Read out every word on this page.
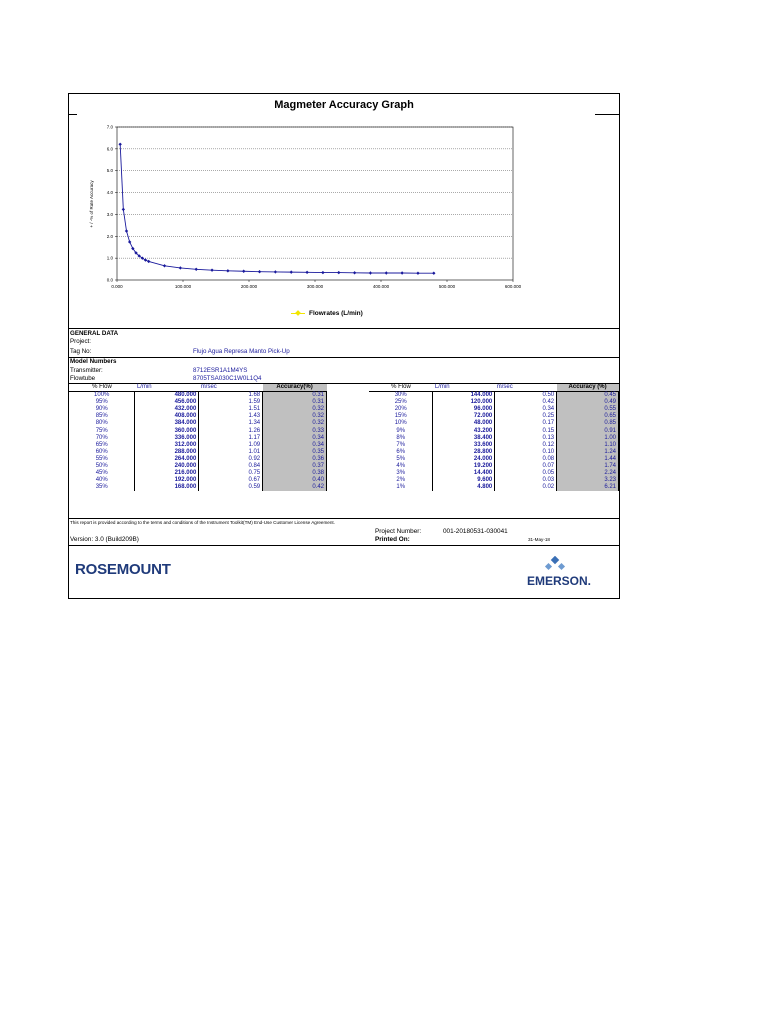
Magmeter Accuracy Graph
0.0
1.0
2.0
3.0
4.0
5.0
6.0
7.0
0.000	100.000	200.000	300.000	400.000	500.000	600.000
+ / -% of Rate Accuracy
Flowrates (L/min)
GENERAL DATA
Project:
Tag No:	Flujo Agua Represa Manto Pick-Up
Model Numbers
Transmitter:	8712ESR1A1M4YS
Flowtube	8705TSA030C1W0L1Q4
% Flow	L/min	m/sec	Accuracy(%)
100%	480.000	1.68	0.31
95%	456.000	1.59	0.31
90%	432.000	1.51	0.32
85%	408.000	1.43	0.32
80%	384.000	1.34	0.32
75%	360.000	1.26	0.33
70%	336.000	1.17	0.34
65%	312.000	1.09	0.34
60%	288.000	1.01	0.35
55%	264.000	0.92	0.36
50%	240.000	0.84	0.37
45%	216.000	0.75	0.38
40%	192.000	0.67	0.40
35%	168.000	0.59	0.42
% Flow	L/min	m/sec	Accuracy (%)
30%	144.000	0.50	0.45
25%	120.000	0.42	0.49
20%	96.000	0.34	0.55
15%	72.000	0.25	0.65
10%	48.000	0.17	0.85
9%	43.200	0.15	0.91
8%	38.400	0.13	1.00
7%	33.600	0.12	1.10
6%	28.800	0.10	1.24
5%	24.000	0.08	1.44
4%	19.200	0.07	1.74
3%	14.400	0.05	2.24
2%	9.600	0.03	3.23
1%	4.800	0.02	6.21
This report is provided according to the terms and conditions of the Instrument Toolkit(TM) End-Use Customer License Agreement.
Project Number:	001-20180531-030041
Version: 3.0 (Build209B)	Printed On:	31-May-18
ROSEMOUNT
EMERSON.
